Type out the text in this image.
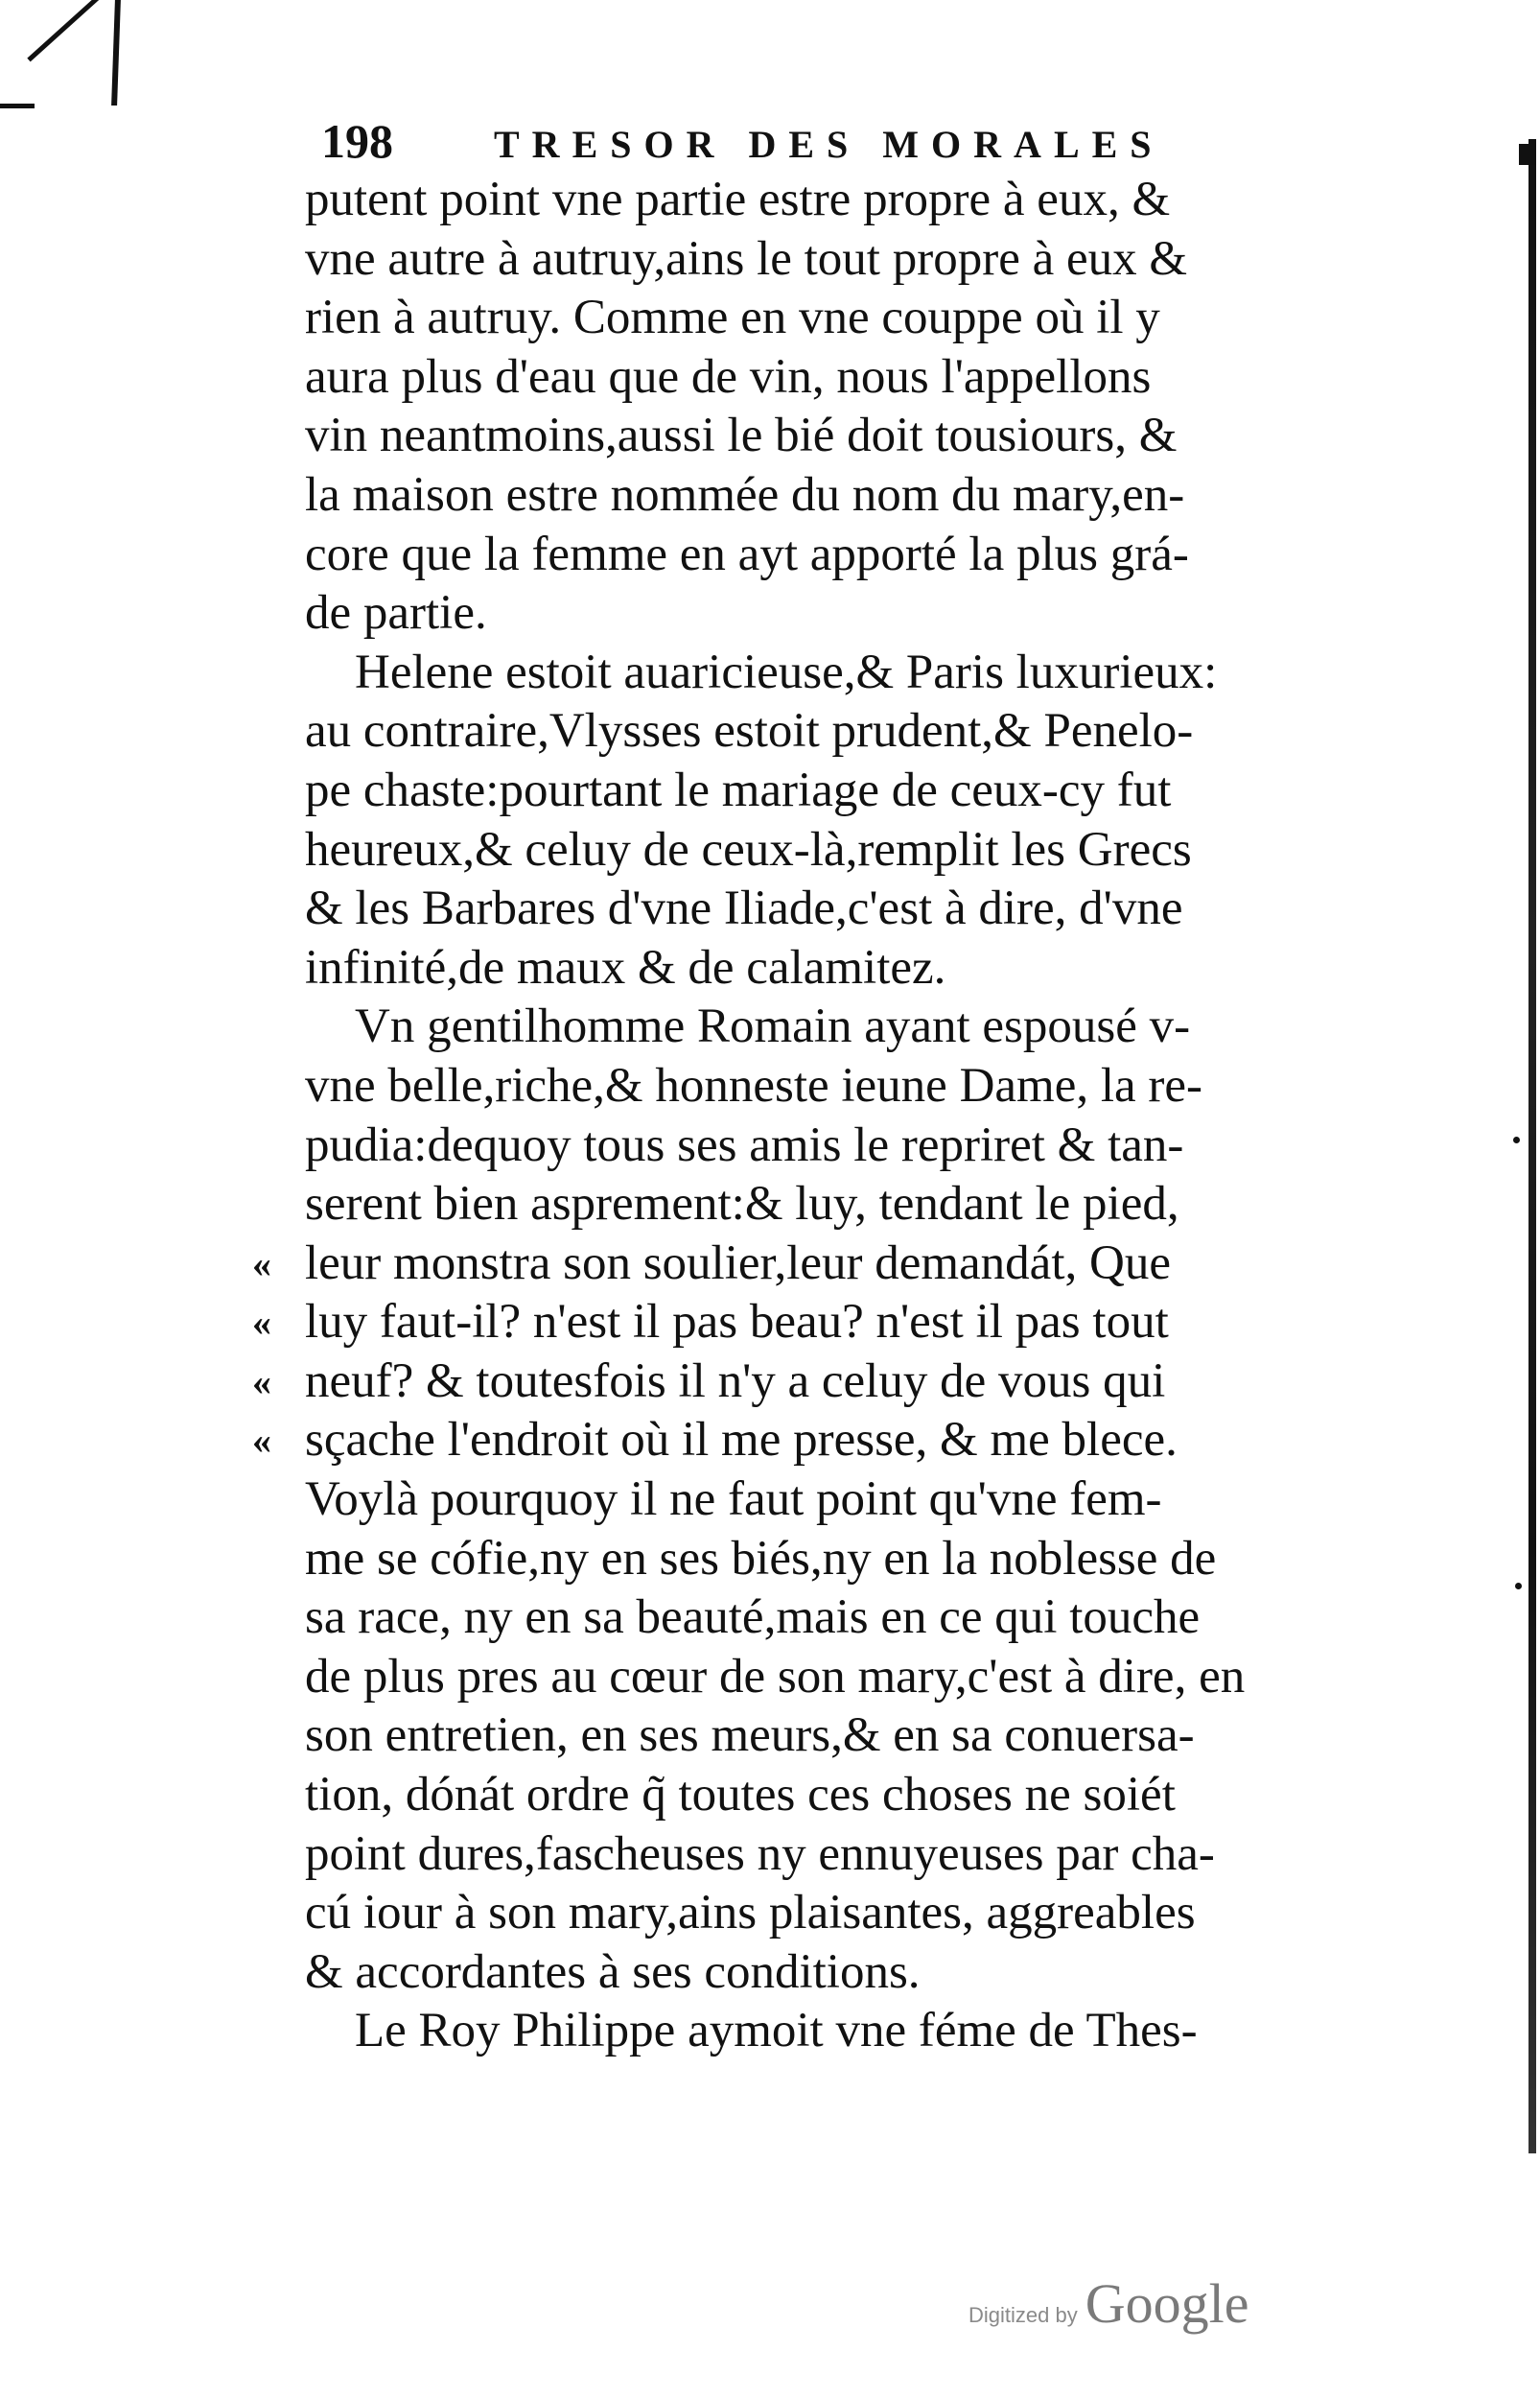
198	TRESOR DES MORALES
putent point vne partie estre propre à eux, &
vne autre à autruy,ains le tout propre à eux &
rien à autruy. Comme en vne couppe où il y
aura plus d'eau que de vin, nous l'appellons
vin neantmoins,aussi le bié doit tousiours, &
la maison estre nommée du nom du mary,en-
core que la femme en ayt apporté la plus grá-
de partie.
Helene estoit auaricieuse,& Paris luxurieux:
au contraire,Vlysses estoit prudent,& Penelo-
pe chaste:pourtant le mariage de ceux-cy fut
heureux,& celuy de ceux-là,remplit les Grecs
& les Barbares d'vne Iliade,c'est à dire, d'vne
infinité,de maux & de calamitez.
Vn gentilhomme Romain ayant espousé v-
vne belle,riche,& honneste ieune Dame, la re-
pudia:dequoy tous ses amis le repriret & tan-
serent bien asprement:& luy, tendant le pied,
« leur monstra son soulier,leur demandát, Que
« luy faut-il? n'est il pas beau? n'est il pas tout
« neuf? & toutesfois il n'y a celuy de vous qui
« sçache l'endroit où il me presse, & me blece.
Voylà pourquoy il ne faut point qu'vne fem-
me se cófie,ny en ses biés,ny en la noblesse de
sa race, ny en sa beauté,mais en ce qui touche
de plus pres au cœur de son mary,c'est à dire, en
son entretien, en ses meurs,& en sa conuersa-
tion, dónát ordre q̃ toutes ces choses ne soiét
point dures,fascheuses ny ennuyeuses par cha-
cú iour à son mary,ains plaisantes, aggreables
& accordantes à ses conditions.
Le Roy Philippe aymoit vne féme de Thes-
Digitized by Google
